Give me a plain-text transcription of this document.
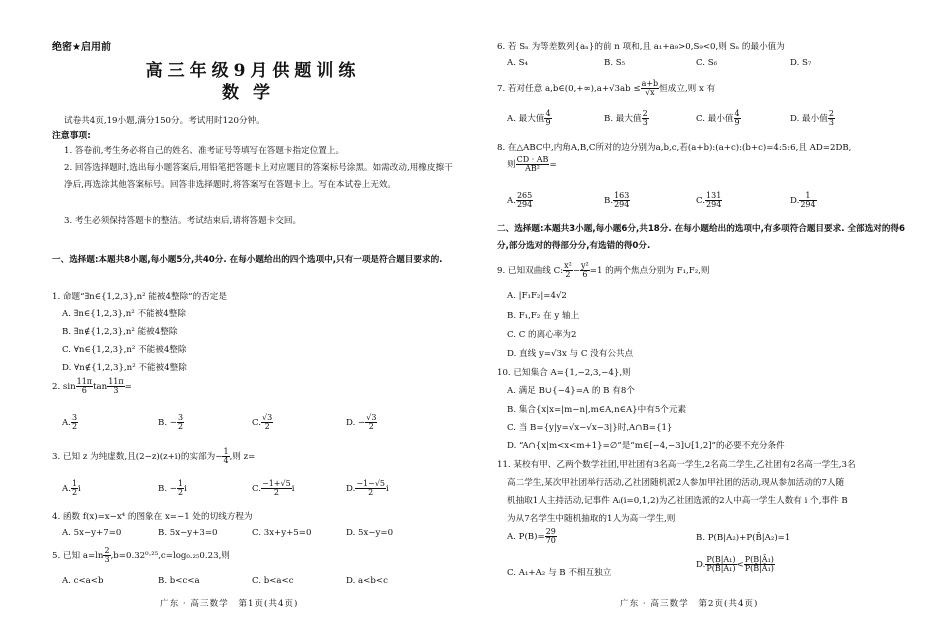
绝密★启用前
高三年级9月供题训练
数学
试卷共4页,19小题,满分150分。考试用时120分钟。
注意事项:
1. 答卷前,考生务必将自己的姓名、准考证号等填写在答题卡指定位置上。
2. 回答选择题时,选出每小题答案后,用铅笔把答题卡上对应题目的答案标号涂黑。如需改动,用橡皮擦干净后,再选涂其他答案标号。回答非选择题时,将答案写在答题卡上。写在本试卷上无效。
3. 考生必须保持答题卡的整洁。考试结束后,请将答题卡交回。
一、选择题:本题共8小题,每小题5分,共40分. 在每小题给出的四个选项中,只有一项是符合题目要求的.
1. 命题“∃n∈{1,2,3},n² 能被4整除”的否定是
A. ∃n∈{1,2,3},n² 不能被4整除
B. ∃n∉{1,2,3},n² 能被4整除
C. ∀n∈{1,2,3},n² 不能被4整除
D. ∀n∉{1,2,3},n² 不能被4整除
2. $\sin \frac{11\pi}{6}$ $\tan \frac{11\pi}{3}$ =
A. $\frac{3}{2}$	B. − $\frac{3}{2}$	C. $\frac{√3}{2}$	D. − $\frac{√3}{2}$
3. 已知 z 为纯虚数,且(2−z)(z+i)的实部为− $\frac{1}{4}$ ,则 z=
A. $\frac{1}{2}$ i	B. − $\frac{1}{2}$ i	C. $\frac{-1+√5}{2}$ i	D. $\frac{-1-√5}{2}$ i
4. 函数 f(x)=x−x⁴ 的图象在 x=−1 处的切线方程为
A. 5x−y+7=0	B. 5x−y+3=0	C. 3x+y+5=0	D. 5x−y=0
5. 已知 $a=\ln \frac{2}{3} ,b=0.32^0\cdot^{25},c=\log_0._{25}0.23$,则
A. c<a<b	B. b<c<a	C. b<a<c	D. a<b<c
广东 · 高三数学　第1页(共4页)
6. 若 Sₙ 为等差数列{aₙ}的前 n 项和,且 a₁+a₉>0,S₉<0,则 Sₙ 的最小值为
A. S₄	B. S₅	C. S₆	D. S₇
7. 若对任意 a,b∈(0,+∞),a+√3ab ≤ $\frac{a+b}{√x}$ 恒成立,则 x 有
A. 最大值 $\frac{4}{9}$	B. 最大值 $\frac{2}{3}$	C. 最小值 $\frac{4}{9}$	D. 最小值 $\frac{2}{3}$
8. 在△ABC中,内角A,B,C所对的边分别为a,b,c,若(a+b):(a+c):(b+c)=4:5:6,且 AD=2DB,
则 $\frac{CD \cdot AB}{\text{AB²}}$ =
A. $\frac{265}{294}$	B. $\frac{163}{294}$	C. $\frac{131}{294}$	D. $\frac{1}{294}$
二、选择题:本题共3小题,每小题6分,共18分. 在每小题给出的选项中,有多项符合题目要求. 全部选对的得6分,部分选对的得部分分,有选错的得0分.
9. 已知双曲线 C: $\frac{\text{x²}}{2} - \frac{\text{y²}}{6} =1$ 的两个焦点分别为 F₁,F₂,则
A. |F₁F₂|=4√2
B. F₁,F₂ 在 y 轴上
C. C 的离心率为2
D. 直线 y=√3x 与 C 没有公共点
10. 已知集合 A={1,−2,3,−4},则
A. 满足 B∪{−4}=A 的 B 有8个
B. 集合{x|x=|m−n|,m∈A,n∈A}中有5个元素
C. 当 B={y|y=√x−√x−3|}时,A∩B={1}
D. “A∩{x|m<x<m+1}=∅”是“m∈[−4,−3]∪[1,2]”的必要不充分条件
11. 某校有甲、乙两个数学社团,甲社团有3名高一学生,2名高二学生,乙社团有2名高一学生,3名
高二学生,某次甲社团举行活动,乙社团随机派2人参加甲社团的活动,现从参加活动的7人随
机抽取1人主持活动,记事件 Aᵢ(i=0,1,2)为乙社团选派的2人中高一学生人数有 i 个,事件 B
为从7名学生中随机抽取的1人为高一学生,则
A. $P(B)= \frac{29}{70}$	B. P(B|A₂)+P(B̄|A₂)=1
C. A₁+A₂ 与 B 不相互独立
D. $\frac{\text{P(B|A₁)}}{\text{P(B̄|A₁)}} < \frac{\text{P(B|Ā₁)}}{\text{P(B̄|Ā₁)}}$
广东 · 高三数学　第2页(共4页)
